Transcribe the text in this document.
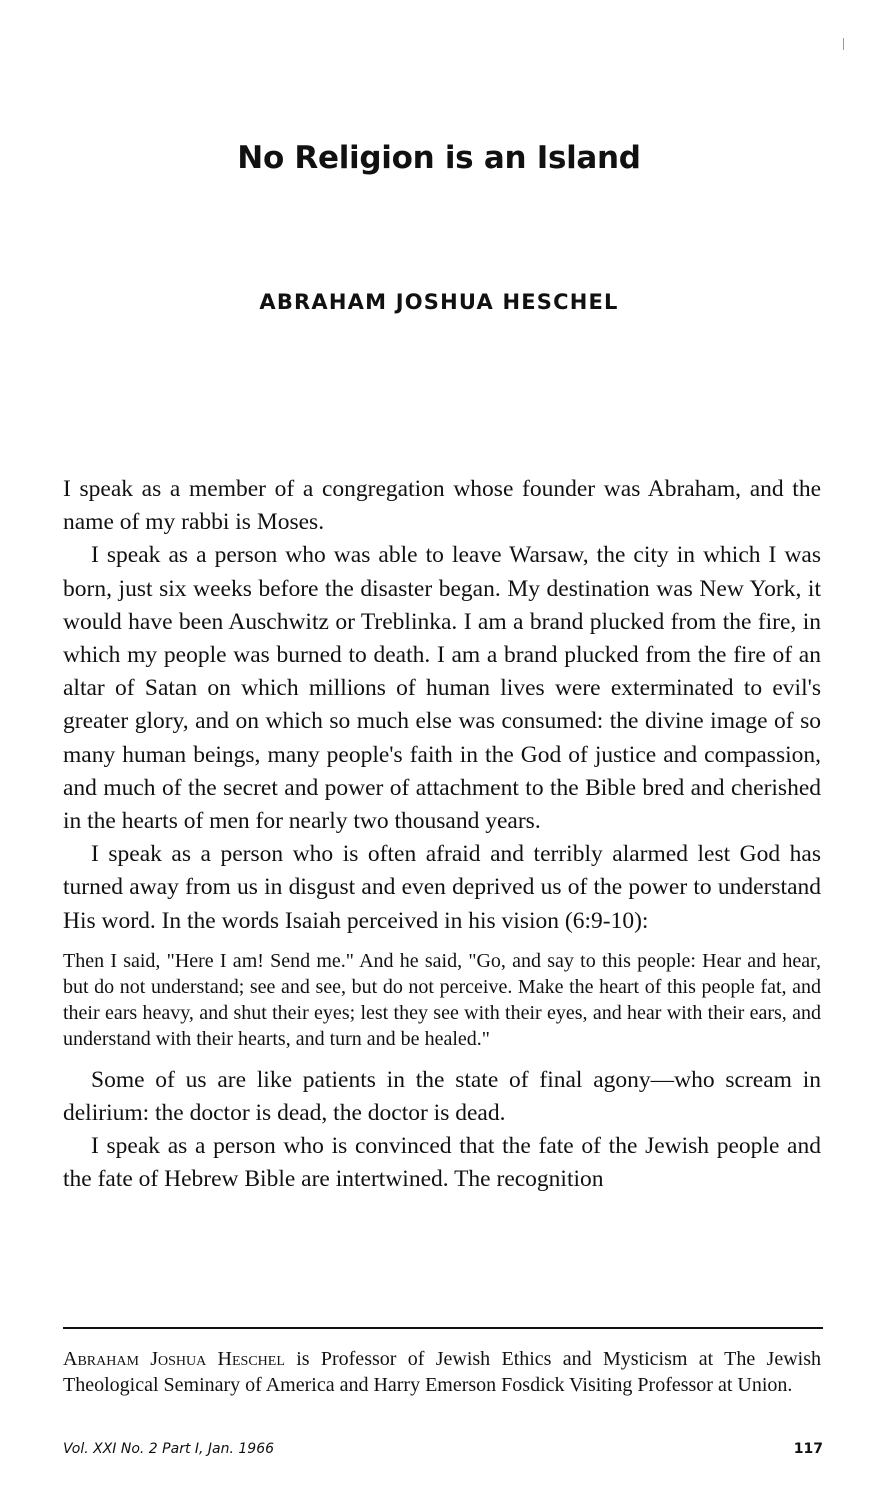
No Religion is an Island
ABRAHAM JOSHUA HESCHEL

I speak as a member of a congregation whose founder was Abraham, and the name of my rabbi is Moses.

I speak as a person who was able to leave Warsaw, the city in which I was born, just six weeks before the disaster began. My destination was New York, it would have been Auschwitz or Treblinka. I am a brand plucked from the fire, in which my people was burned to death. I am a brand plucked from the fire of an altar of Satan on which millions of human lives were exterminated to evil's greater glory, and on which so much else was consumed: the divine image of so many human beings, many people's faith in the God of justice and compassion, and much of the secret and power of attachment to the Bible bred and cherished in the hearts of men for nearly two thousand years.

I speak as a person who is often afraid and terribly alarmed lest God has turned away from us in disgust and even deprived us of the power to understand His word. In the words Isaiah perceived in his vision (6:9-10):

Then I said, "Here I am! Send me." And he said, "Go, and say to this people: Hear and hear, but do not understand; see and see, but do not perceive. Make the heart of this people fat, and their ears heavy, and shut their eyes; lest they see with their eyes, and hear with their ears, and understand with their hearts, and turn and be healed."

Some of us are like patients in the state of final agony—who scream in delirium: the doctor is dead, the doctor is dead.

I speak as a person who is convinced that the fate of the Jewish people and the fate of Hebrew Bible are intertwined. The recognition

Abraham Joshua Heschel is Professor of Jewish Ethics and Mysticism at The Jewish Theological Seminary of America and Harry Emerson Fosdick Visiting Professor at Union.
Vol. XXI No. 2 Part I, Jan. 1966	117
